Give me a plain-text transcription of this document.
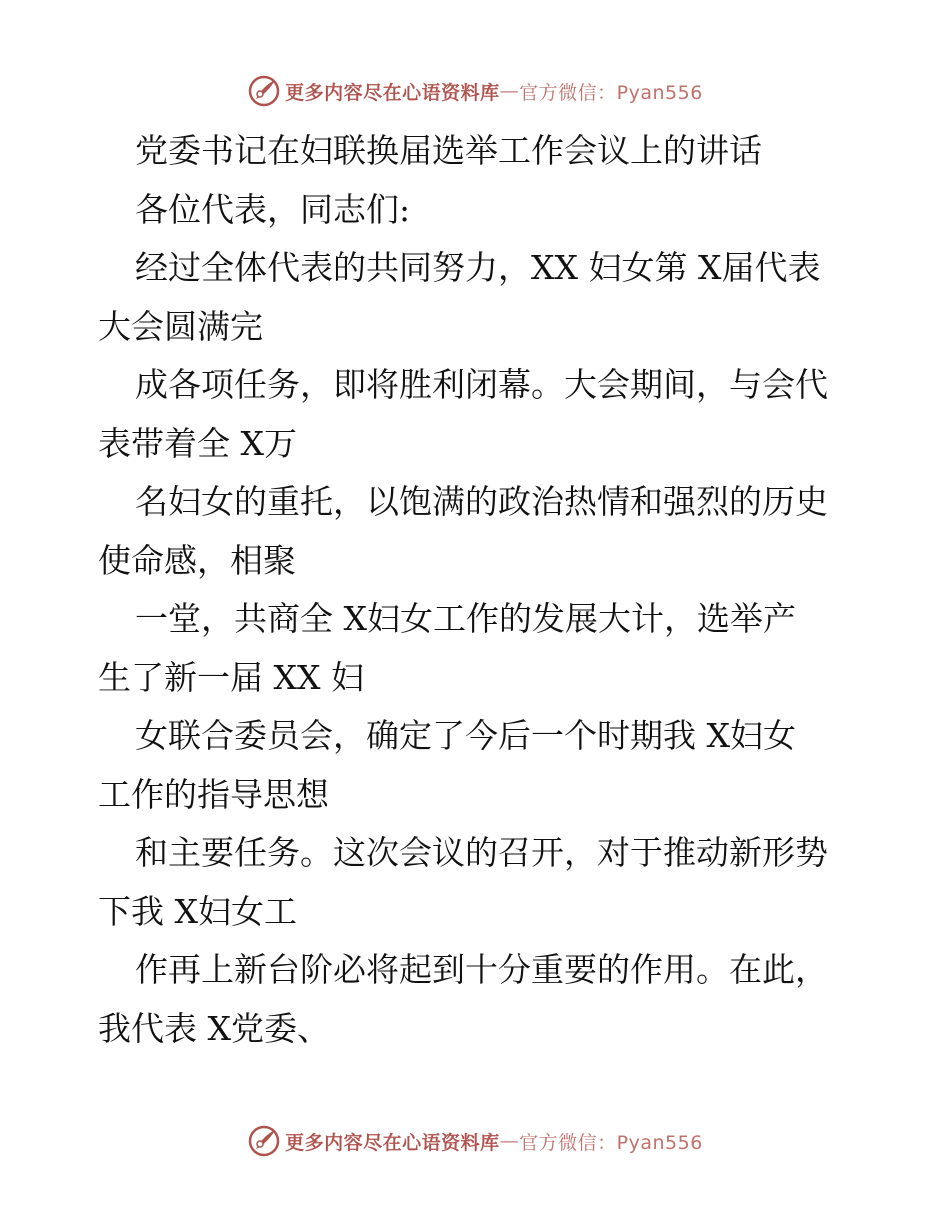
更多内容尽在心语资料库 — 官方微信：Pyan556
党委书记在妇联换届选举工作会议上的讲话
各位代表，同志们:
经过全体代表的共同努力，XX 妇女第 X届代表
大会圆满完
成各项任务，即将胜利闭幕。大会期间，与会代
表带着全 X万
名妇女的重托，以饱满的政治热情和强烈的历史
使命感，相聚
一堂，共商全 X妇女工作的发展大计，选举产
生了新一届 XX 妇
女联合委员会，确定了今后一个时期我 X妇女
工作的指导思想
和主要任务。这次会议的召开，对于推动新形势
下我 X妇女工
作再上新台阶必将起到十分重要的作用。在此，
我代表 X党委、
更多内容尽在心语资料库 — 官方微信：Pyan556
